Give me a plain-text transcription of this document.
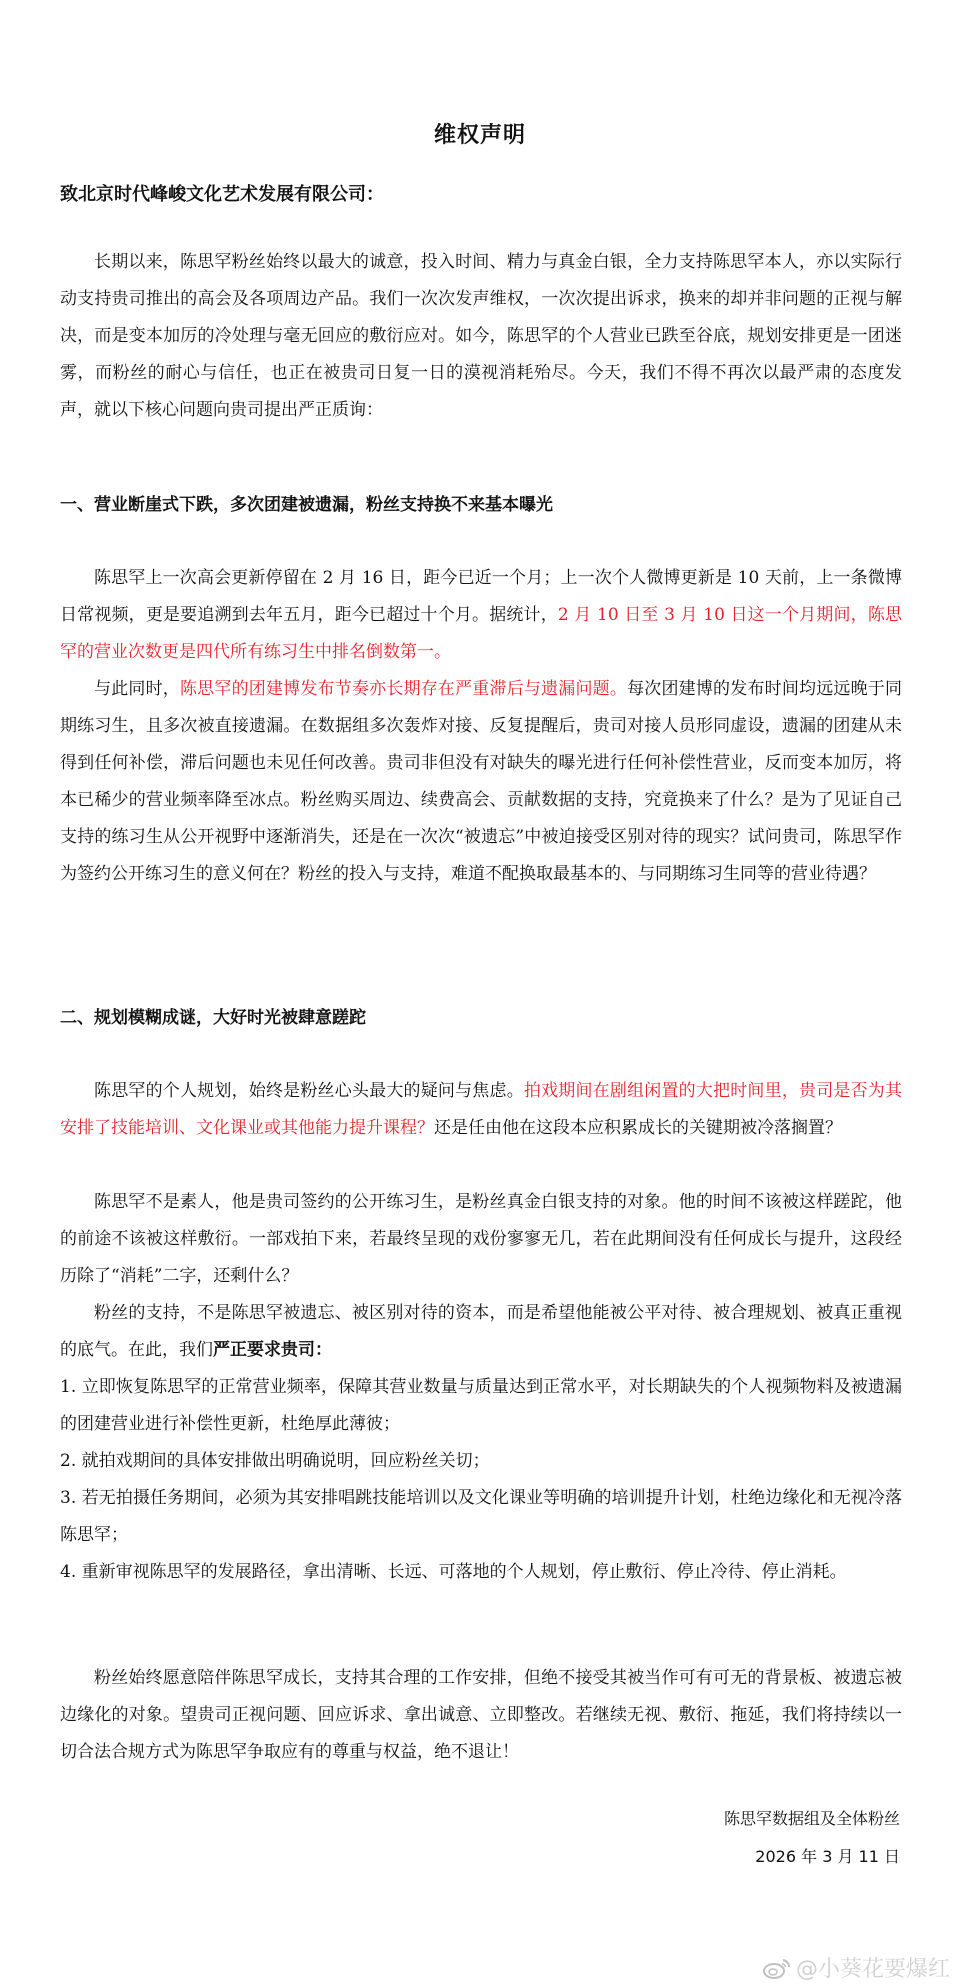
维权声明
致北京时代峰峻文化艺术发展有限公司：

长期以来，陈思罕粉丝始终以最大的诚意，投入时间、精力与真金白银，全力支持陈思罕本人，亦以实际行动支持贵司推出的高会及各项周边产品。我们一次次发声维权，一次次提出诉求，换来的却并非问题的正视与解决，而是变本加厉的冷处理与毫无回应的敷衍应对。如今，陈思罕的个人营业已跌至谷底，规划安排更是一团迷雾，而粉丝的耐心与信任，也正在被贵司日复一日的漠视消耗殆尽。今天，我们不得不再次以最严肃的态度发声，就以下核心问题向贵司提出严正质询：

一、营业断崖式下跌，多次团建被遗漏，粉丝支持换不来基本曝光

陈思罕上一次高会更新停留在 2 月 16 日，距今已近一个月；上一次个人微博更新是 10 天前，上一条微博日常视频，更是要追溯到去年五月，距今已超过十个月。据统计，2 月 10 日至 3 月 10 日这一个月期间，陈思罕的营业次数更是四代所有练习生中排名倒数第一。

与此同时，陈思罕的团建博发布节奏亦长期存在严重滞后与遗漏问题。每次团建博的发布时间均远远晚于同期练习生，且多次被直接遗漏。在数据组多次轰炸对接、反复提醒后，贵司对接人员形同虚设，遗漏的团建从未得到任何补偿，滞后问题也未见任何改善。贵司非但没有对缺失的曝光进行任何补偿性营业，反而变本加厉，将本已稀少的营业频率降至冰点。粉丝购买周边、续费高会、贡献数据的支持，究竟换来了什么？是为了见证自己支持的练习生从公开视野中逐渐消失，还是在一次次“被遗忘”中被迫接受区别对待的现实？试问贵司，陈思罕作为签约公开练习生的意义何在？粉丝的投入与支持，难道不配换取最基本的、与同期练习生同等的营业待遇？

二、规划模糊成谜，大好时光被肆意蹉跎

陈思罕的个人规划，始终是粉丝心头最大的疑问与焦虑。拍戏期间在剧组闲置的大把时间里，贵司是否为其安排了技能培训、文化课业或其他能力提升课程？还是任由他在这段本应积累成长的关键期被冷落搁置？

陈思罕不是素人，他是贵司签约的公开练习生，是粉丝真金白银支持的对象。他的时间不该被这样蹉跎，他的前途不该被这样敷衍。一部戏拍下来，若最终呈现的戏份寥寥无几，若在此期间没有任何成长与提升，这段经历除了“消耗”二字，还剩什么？

粉丝的支持，不是陈思罕被遗忘、被区别对待的资本，而是希望他能被公平对待、被合理规划、被真正重视的底气。在此，我们严正要求贵司：

1. 立即恢复陈思罕的正常营业频率，保障其营业数量与质量达到正常水平，对长期缺失的个人视频物料及被遗漏的团建营业进行补偿性更新，杜绝厚此薄彼；

2. 就拍戏期间的具体安排做出明确说明，回应粉丝关切；

3. 若无拍摄任务期间，必须为其安排唱跳技能培训以及文化课业等明确的培训提升计划，杜绝边缘化和无视冷落陈思罕；

4. 重新审视陈思罕的发展路径，拿出清晰、长远、可落地的个人规划，停止敷衍、停止冷待、停止消耗。

粉丝始终愿意陪伴陈思罕成长，支持其合理的工作安排，但绝不接受其被当作可有可无的背景板、被遗忘被边缘化的对象。望贵司正视问题、回应诉求、拿出诚意、立即整改。若继续无视、敷衍、拖延，我们将持续以一切合法合规方式为陈思罕争取应有的尊重与权益，绝不退让！

陈思罕数据组及全体粉丝
2026 年 3 月 11 日
@小葵花要爆红
